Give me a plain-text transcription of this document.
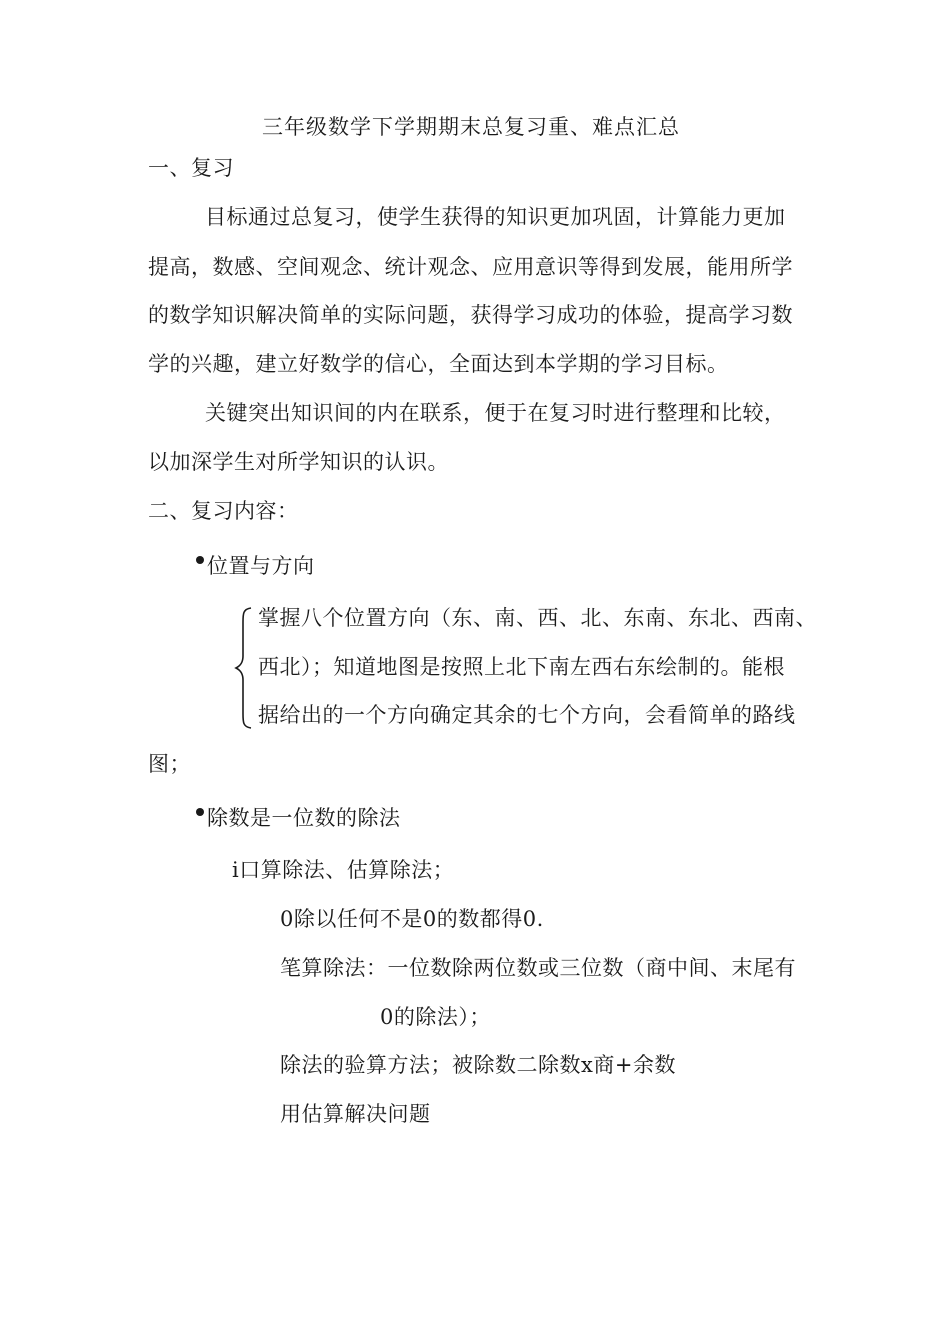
三年级数学下学期期末总复习重、难点汇总
一、复习
目标通过总复习，使学生获得的知识更加巩固，计算能力更加
提高，数感、空间观念、统计观念、应用意识等得到发展，能用所学
的数学知识解决简单的实际问题，获得学习成功的体验，提高学习数
学的兴趣，建立好数学的信心，全面达到本学期的学习目标。
关键突出知识间的内在联系，便于在复习时进行整理和比较，
以加深学生对所学知识的认识。
二、复习内容：
位置与方向
掌握八个位置方向（东、南、西、北、东南、东北、西南、
西北）；知道地图是按照上北下南左西右东绘制的。能根
据给出的一个方向确定其余的七个方向，会看简单的路线
图；
除数是一位数的除法
i口算除法、估算除法；
0除以任何不是0的数都得0.
笔算除法：一位数除两位数或三位数（商中间、末尾有
0的除法）；
除法的验算方法；被除数二除数x商+余数
用估算解决问题
